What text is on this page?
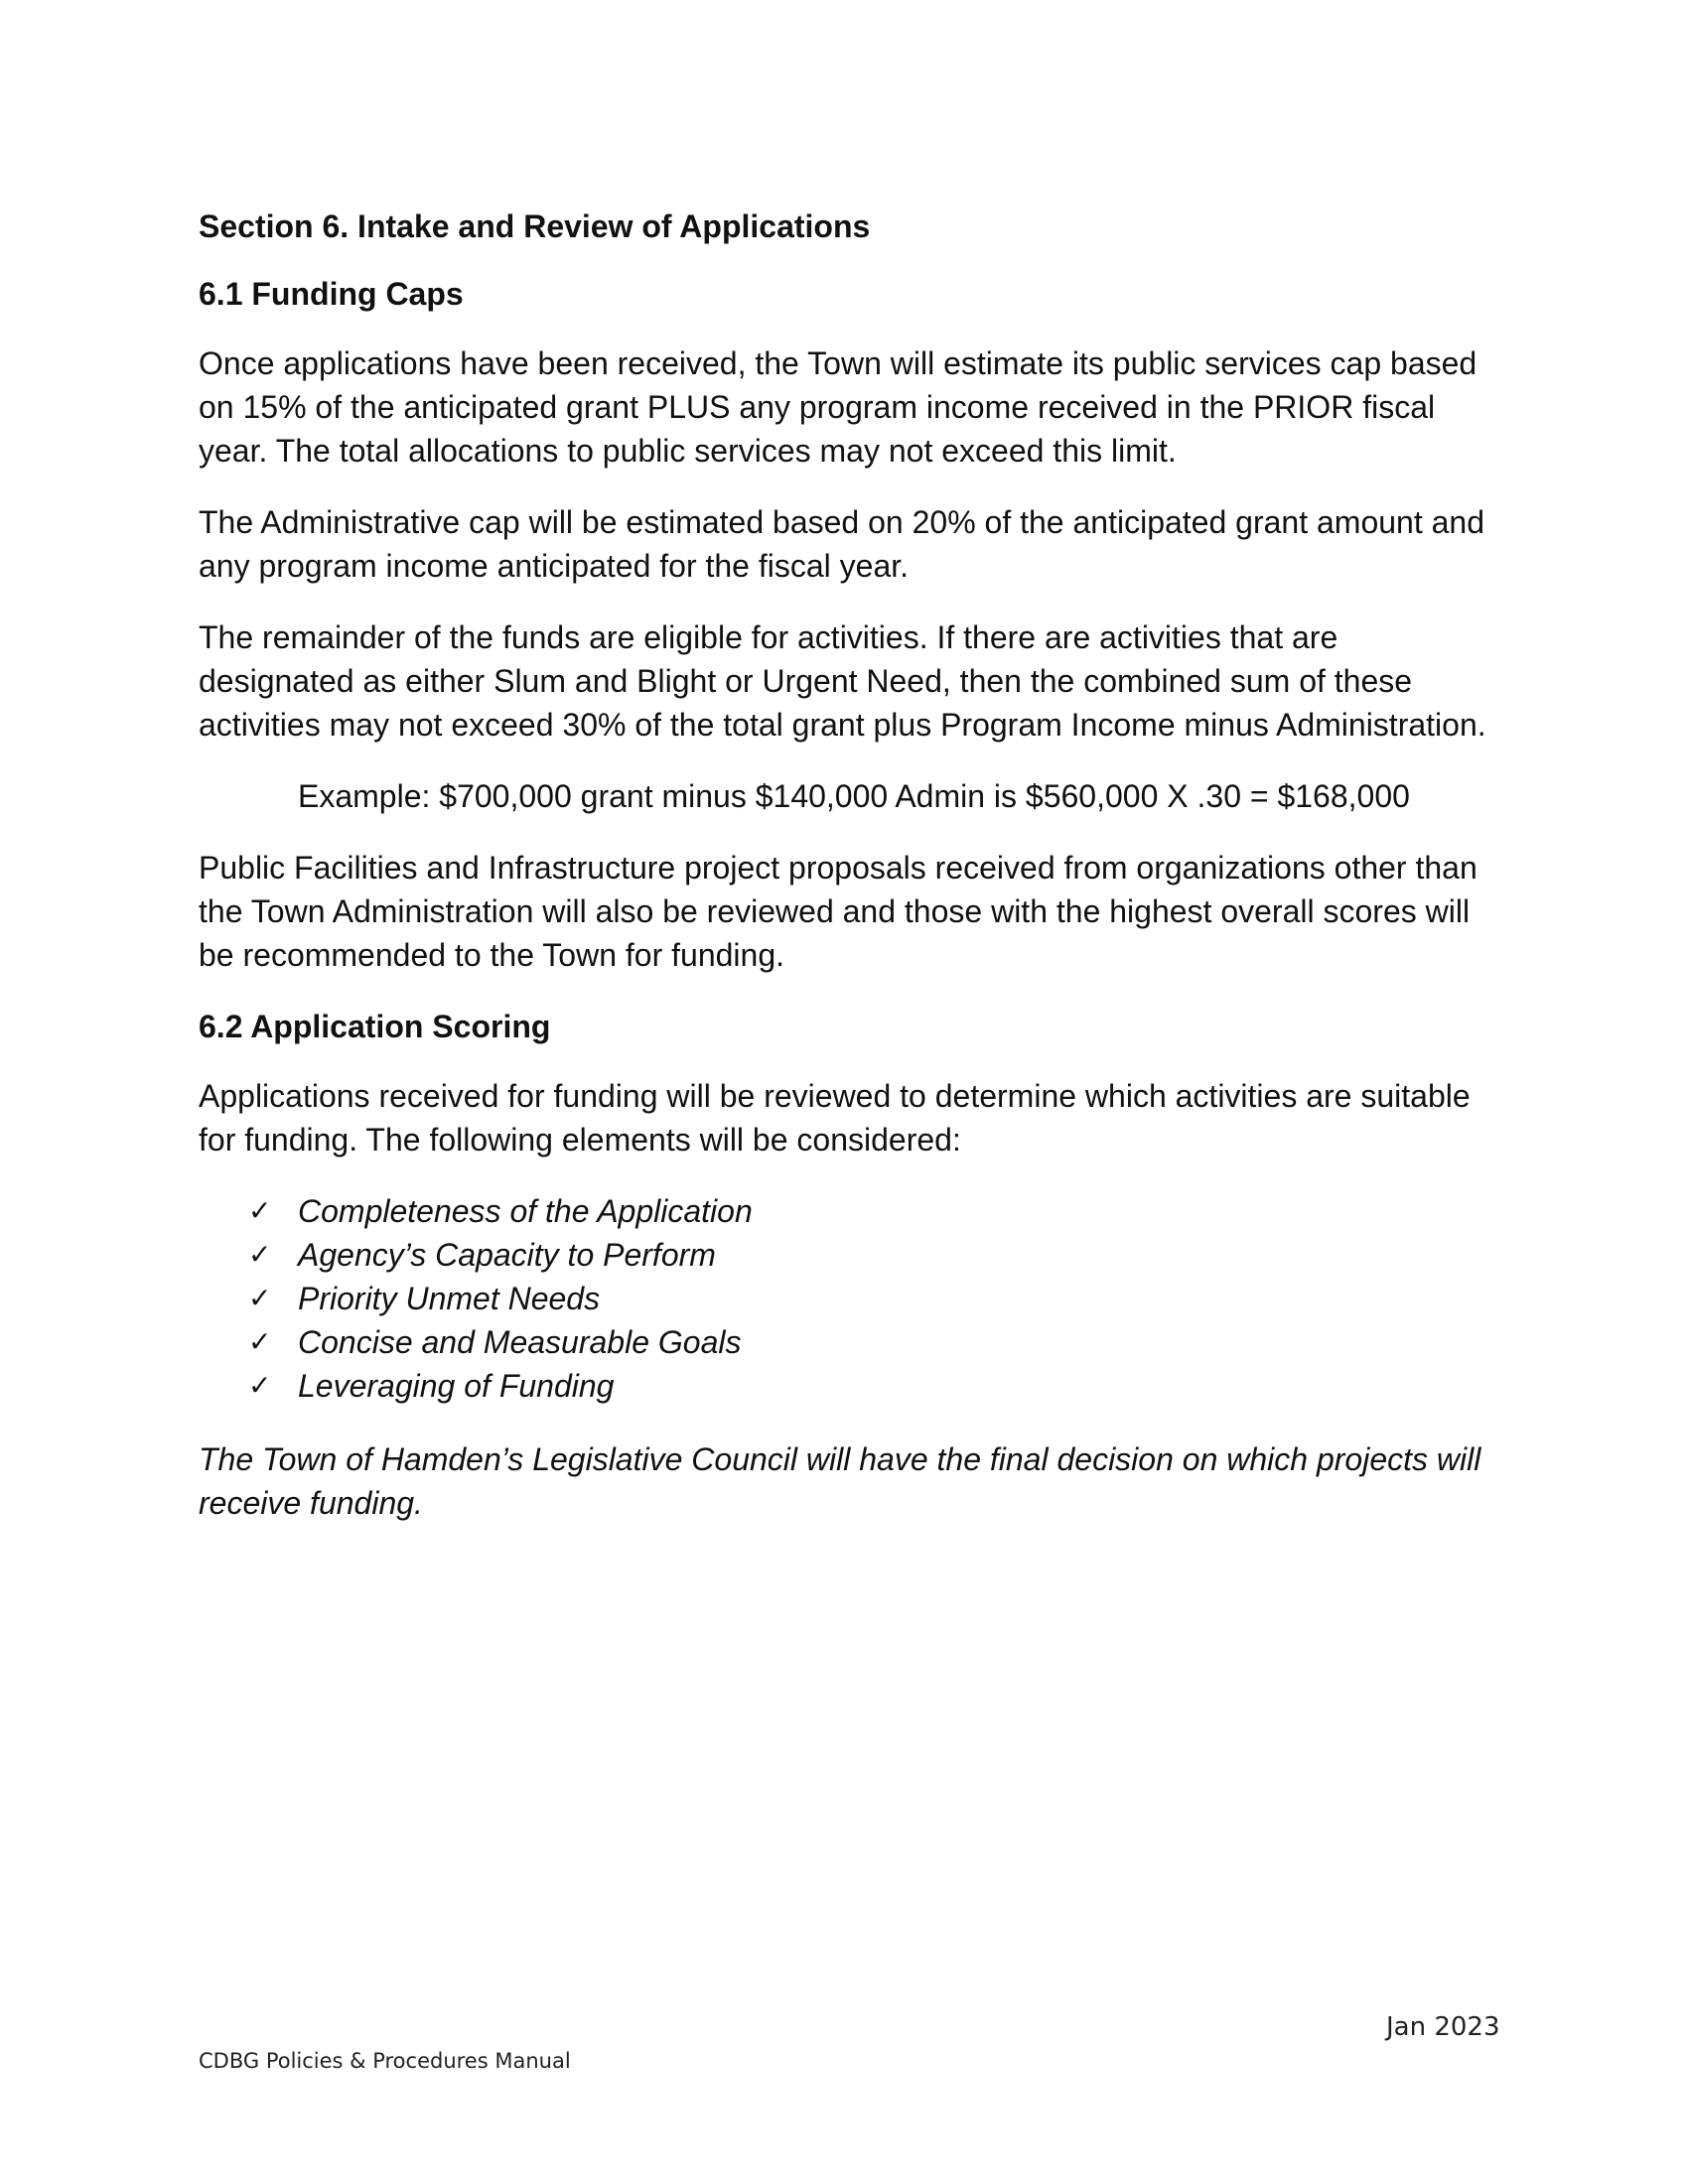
Section 6. Intake and Review of Applications
6.1 Funding Caps

Once applications have been received, the Town will estimate its public services cap based on 15% of the anticipated grant PLUS any program income received in the PRIOR fiscal year. The total allocations to public services may not exceed this limit.

The Administrative cap will be estimated based on 20% of the anticipated grant amount and any program income anticipated for the fiscal year.

The remainder of the funds are eligible for activities. If there are activities that are designated as either Slum and Blight or Urgent Need, then the combined sum of these activities may not exceed 30% of the total grant plus Program Income minus Administration.

Example: $700,000 grant minus $140,000 Admin is $560,000 X .30 = $168,000

Public Facilities and Infrastructure project proposals received from organizations other than the Town Administration will also be reviewed and those with the highest overall scores will be recommended to the Town for funding.

6.2 Application Scoring

Applications received for funding will be reviewed to determine which activities are suitable for funding. The following elements will be considered:

✓ Completeness of the Application
✓ Agency’s Capacity to Perform
✓ Priority Unmet Needs
✓ Concise and Measurable Goals
✓ Leveraging of Funding

The Town of Hamden’s Legislative Council will have the final decision on which projects will receive funding.

Jan 2023
CDBG Policies & Procedures Manual
